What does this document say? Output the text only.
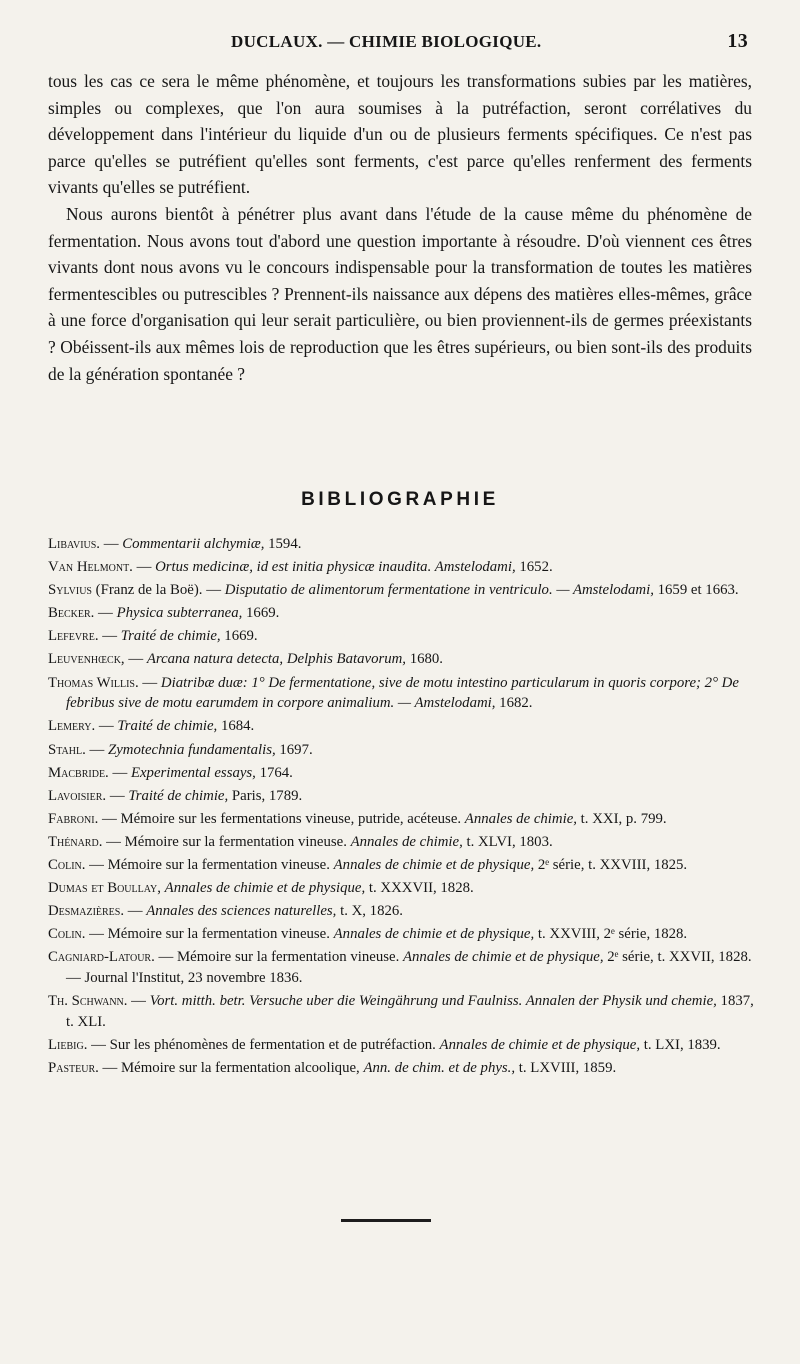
DUCLAUX. — CHIMIE BIOLOGIQUE.	13

tous les cas ce sera le même phénomène, et toujours les transformations subies par les matières, simples ou complexes, que l'on aura soumises à la putréfaction, seront corrélatives du développement dans l'intérieur du liquide d'un ou de plusieurs ferments spécifiques. Ce n'est pas parce qu'elles se putréfient qu'elles sont ferments, c'est parce qu'elles renferment des ferments vivants qu'elles se putréfient.

Nous aurons bientôt à pénétrer plus avant dans l'étude de la cause même du phénomène de fermentation. Nous avons tout d'abord une question importante à résoudre. D'où viennent ces êtres vivants dont nous avons vu le concours indispensable pour la transformation de toutes les matières fermentescibles ou putrescibles ? Prennent-ils naissance aux dépens des matières elles-mêmes, grâce à une force d'organisation qui leur serait particulière, ou bien proviennent-ils de germes préexistants ? Obéissent-ils aux mêmes lois de reproduction que les êtres supérieurs, ou bien sont-ils des produits de la génération spontanée ?

BIBLIOGRAPHIE

Libavius. — Commentarii alchymiæ, 1594.

Van Helmont. — Ortus medicinæ, id est initia physicæ inaudita. Amstelodami, 1652.

Sylvius (Franz de la Boë). — Disputatio de alimentorum fermentatione in ventriculo. — Amstelodami, 1659 et 1663.

Becker. — Physica subterranea, 1669.

Lefevre. — Traité de chimie, 1669.

Leuvenhœck, — Arcana natura detecta, Delphis Batavorum, 1680.

Thomas Willis. — Diatribæ duæ: 1° De fermentatione, sive de motu intestino particularum in quoris corpore; 2° De febribus sive de motu earumdem in corpore animalium. — Amstelodami, 1682.

Lemery. — Traité de chimie, 1684.

Stahl. — Zymotechnia fundamentalis, 1697.

Macbride. — Experimental essays, 1764.

Lavoisier. — Traité de chimie, Paris, 1789.

Fabroni. — Mémoire sur les fermentations vineuse, putride, acéteuse. Annales de chimie, t. XXI, p. 799.

Thénard. — Mémoire sur la fermentation vineuse. Annales de chimie, t. XLVI, 1803.

Colin. — Mémoire sur la fermentation vineuse. Annales de chimie et de physique, 2ᵉ série, t. XXVIII, 1825.

Dumas et Boullay, Annales de chimie et de physique, t. XXXVII, 1828.

Desmazières. — Annales des sciences naturelles, t. X, 1826.

Colin. — Mémoire sur la fermentation vineuse. Annales de chimie et de physique, t. XXVIII, 2ᵉ série, 1828.

Cagniard-Latour. — Mémoire sur la fermentation vineuse. Annales de chimie et de physique, 2ᵉ série, t. XXVII, 1828. — Journal l'Institut, 23 novembre 1836.

Th. Schwann. — Vort. mitth. betr. Versuche uber die Weingährung und Faulniss. Annalen der Physik und chemie, 1837, t. XLI.

Liebig. — Sur les phénomènes de fermentation et de putréfaction. Annales de chimie et de physique, t. LXI, 1839.

Pasteur. — Mémoire sur la fermentation alcoolique, Ann. de chim. et de phys., t. LXVIII, 1859.
